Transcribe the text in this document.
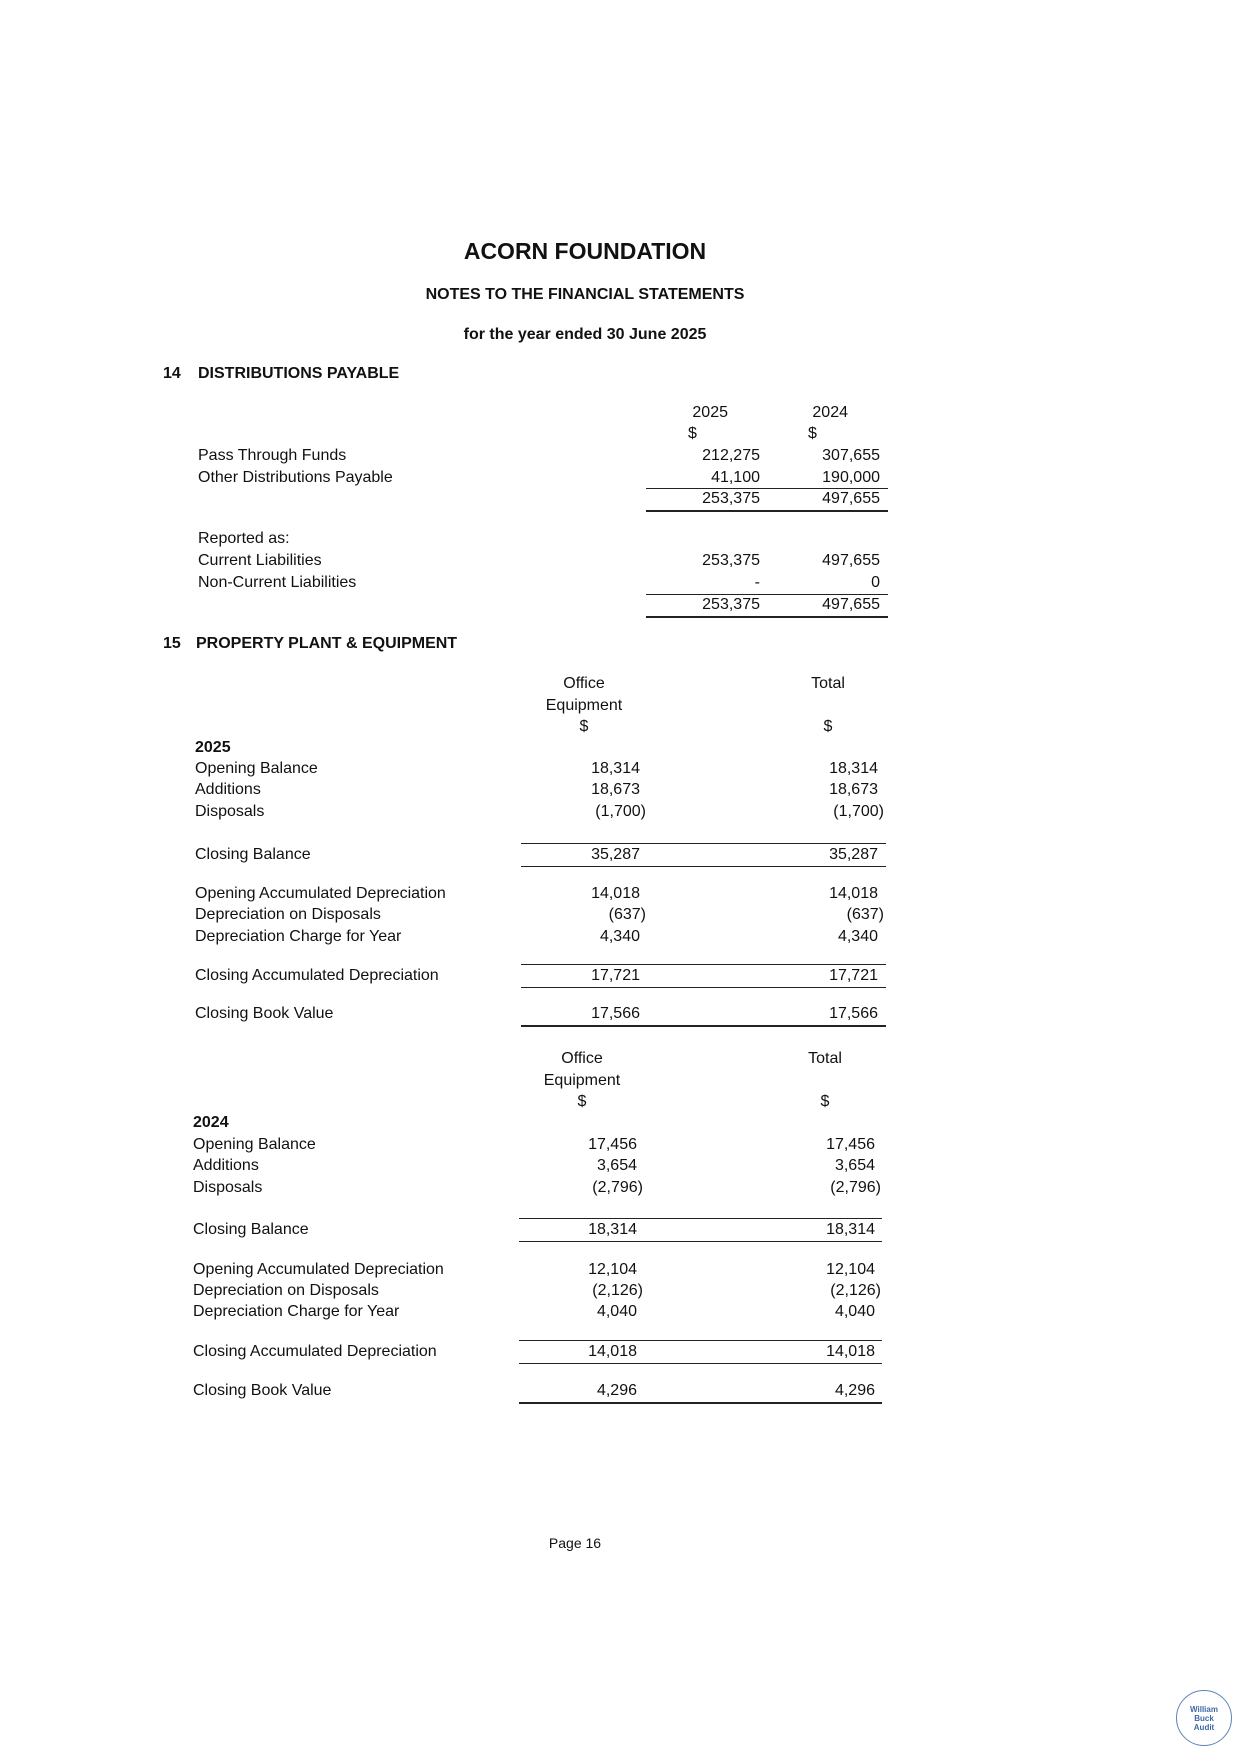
ACORN FOUNDATION
NOTES TO THE FINANCIAL STATEMENTS
for the year ended 30 June 2025
14 DISTRIBUTIONS PAYABLE
2025	2024
$	$
Pass Through Funds	212,275	307,655
Other Distributions Payable	41,100	190,000
253,375	497,655
Reported as:
Current Liabilities	253,375	497,655
Non-Current Liabilities	-	0
253,375	497,655
15 PROPERTY PLANT & EQUIPMENT
Office
Equipment
Total
$	$
2025
Opening Balance	18,314	18,314
Additions	18,673	18,673
Disposals	(1,700)	(1,700)
Closing Balance	35,287	35,287
Opening Accumulated Depreciation	14,018	14,018
Depreciation on Disposals	(637)	(637)
Depreciation Charge for Year	4,340	4,340
Closing Accumulated Depreciation	17,721	17,721
Closing Book Value	17,566	17,566
Office
Equipment
Total
$	$
2024
Opening Balance	17,456	17,456
Additions	3,654	3,654
Disposals	(2,796)	(2,796)
Closing Balance	18,314	18,314
Opening Accumulated Depreciation	12,104	12,104
Depreciation on Disposals	(2,126)	(2,126)
Depreciation Charge for Year	4,040	4,040
Closing Accumulated Depreciation	14,018	14,018
Closing Book Value	4,296	4,296
Page 16
William
Buck
Audit
